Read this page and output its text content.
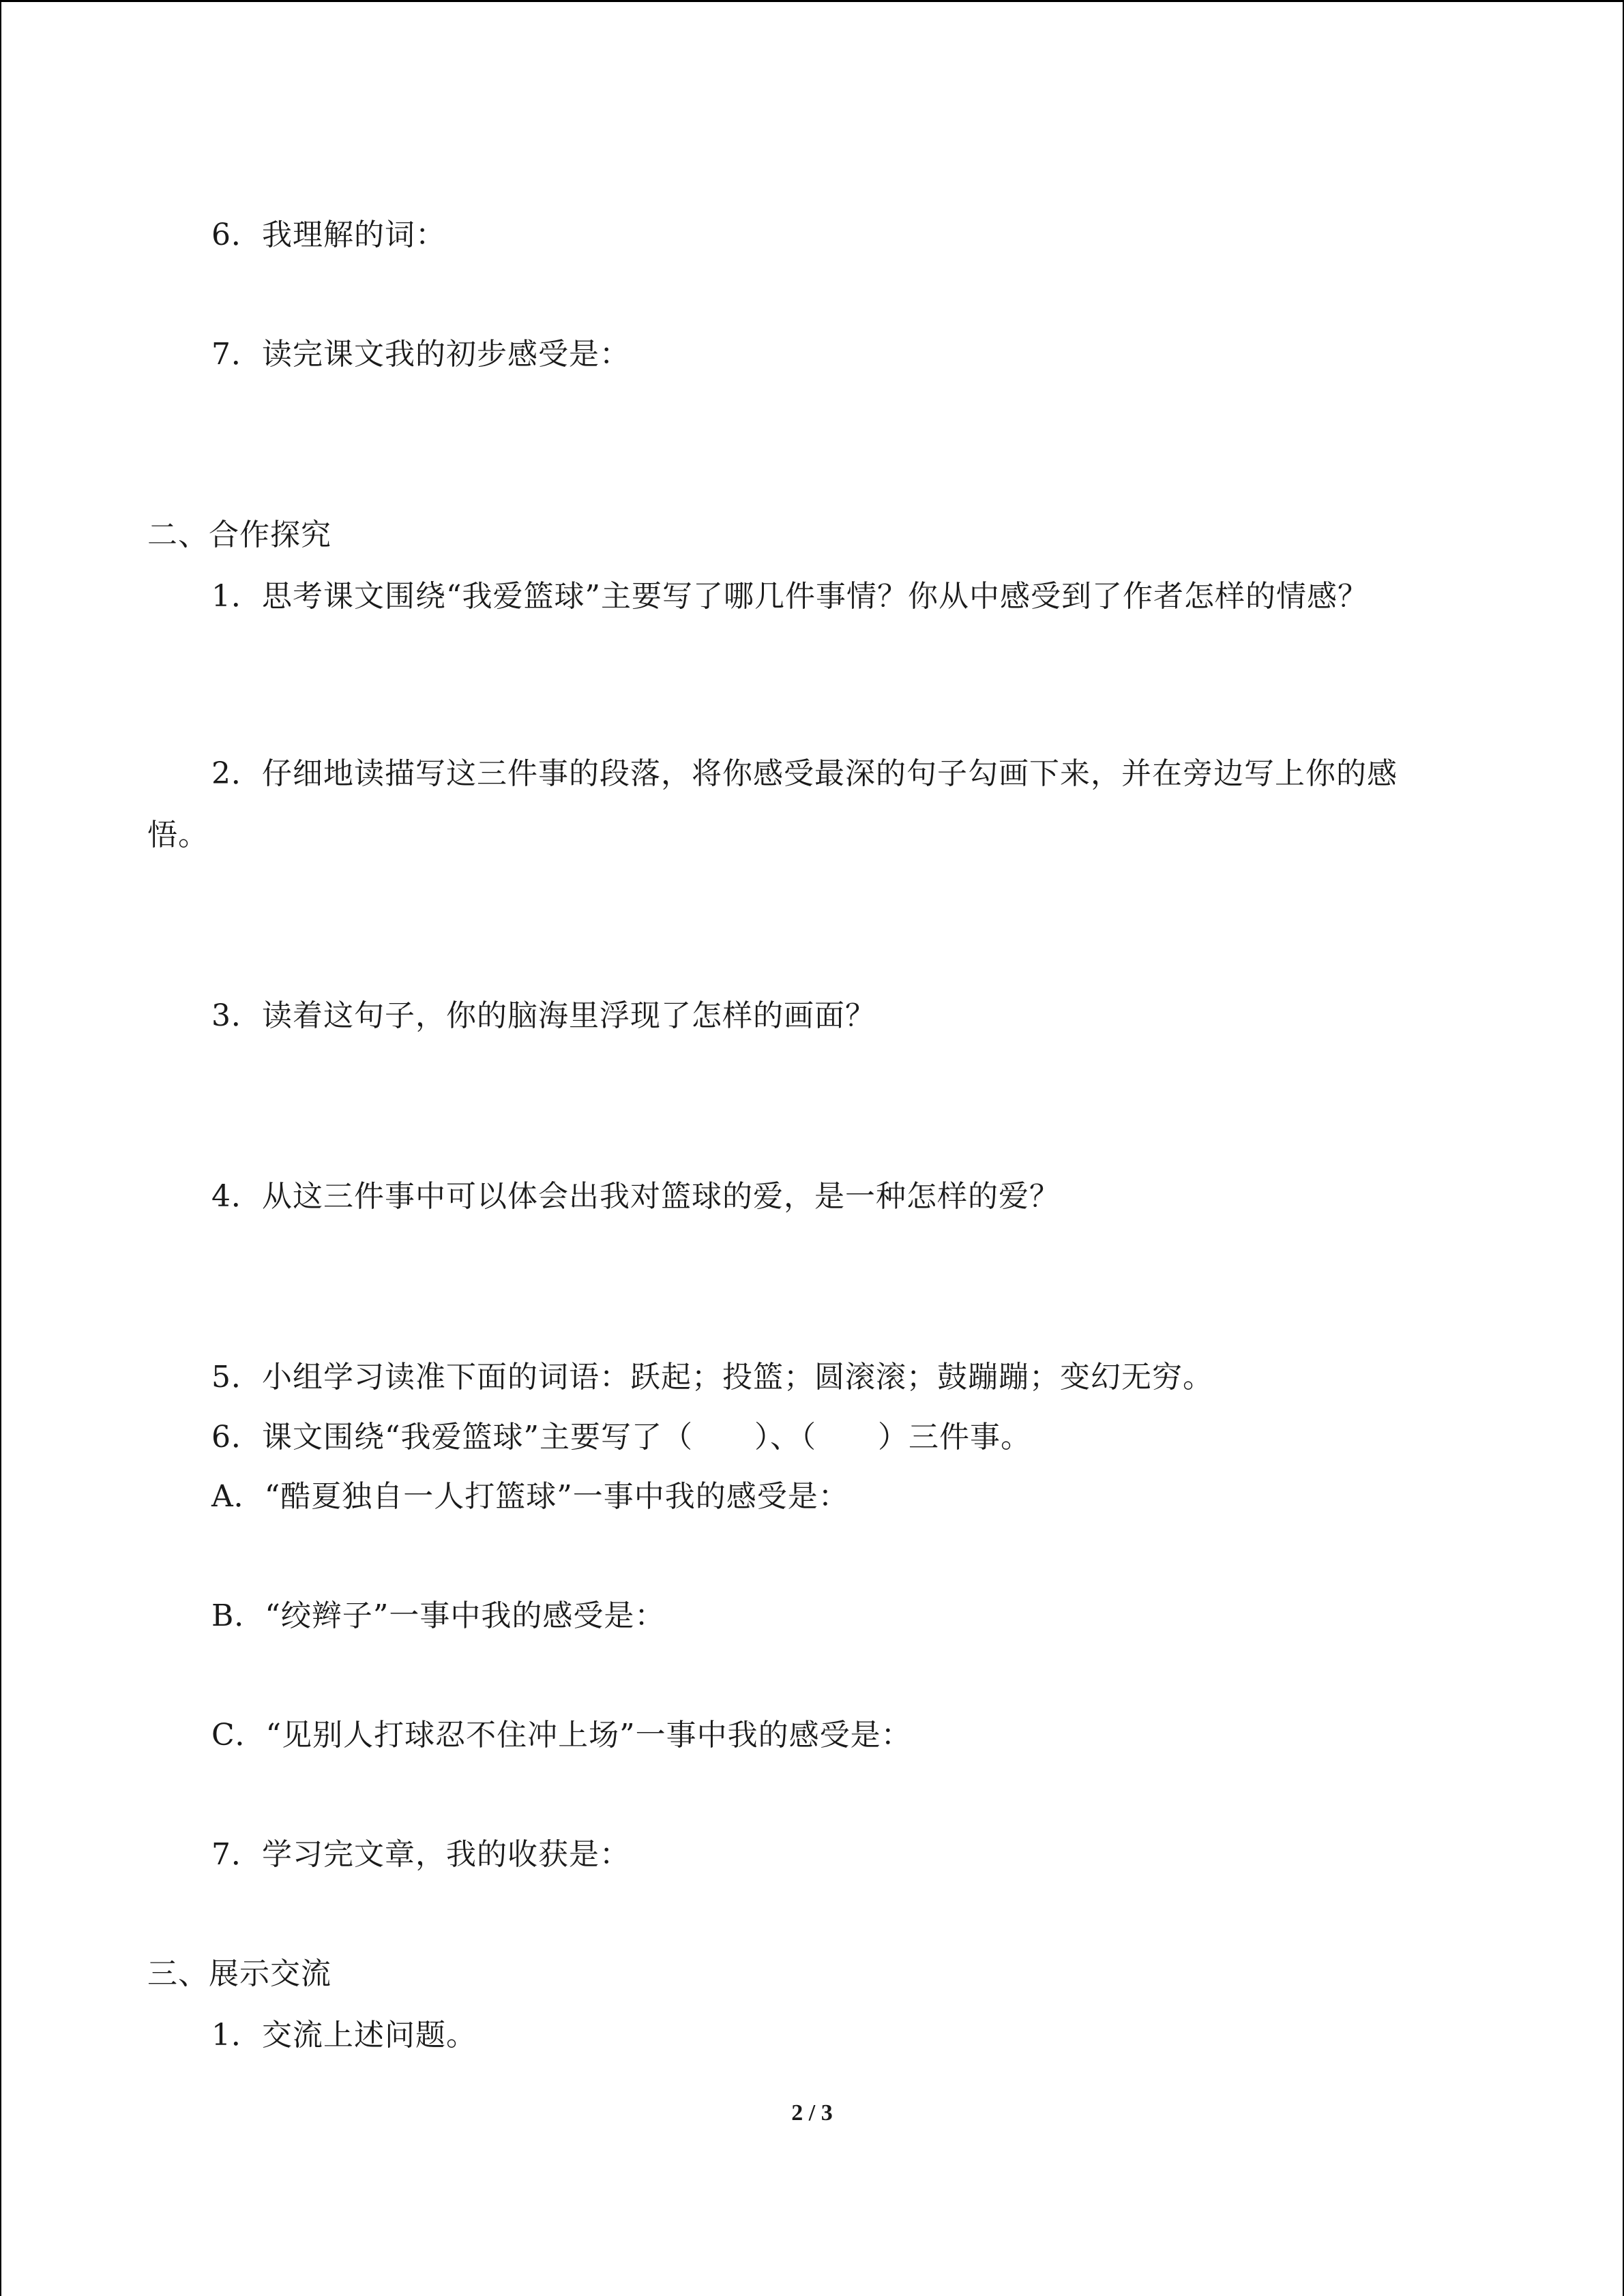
6．我理解的词：
7．读完课文我的初步感受是：
二、合作探究
1．思考课文围绕“我爱篮球”主要写了哪几件事情？你从中感受到了作者怎样的情感？
2．仔细地读描写这三件事的段落，将你感受最深的句子勾画下来，并在旁边写上你的感
悟。
3．读着这句子，你的脑海里浮现了怎样的画面？
4．从这三件事中可以体会出我对篮球的爱，是一种怎样的爱？
5．小组学习读准下面的词语：跃起；投篮；圆滚滚；鼓蹦蹦；变幻无穷。
6．课文围绕“我爱篮球”主要写了（　　）、（　　）三件事。
A．“酷夏独自一人打篮球”一事中我的感受是：
B．“绞辫子”一事中我的感受是：
C．“见别人打球忍不住冲上场”一事中我的感受是：
7．学习完文章，我的收获是：
三、展示交流
1．交流上述问题。
2 / 3
